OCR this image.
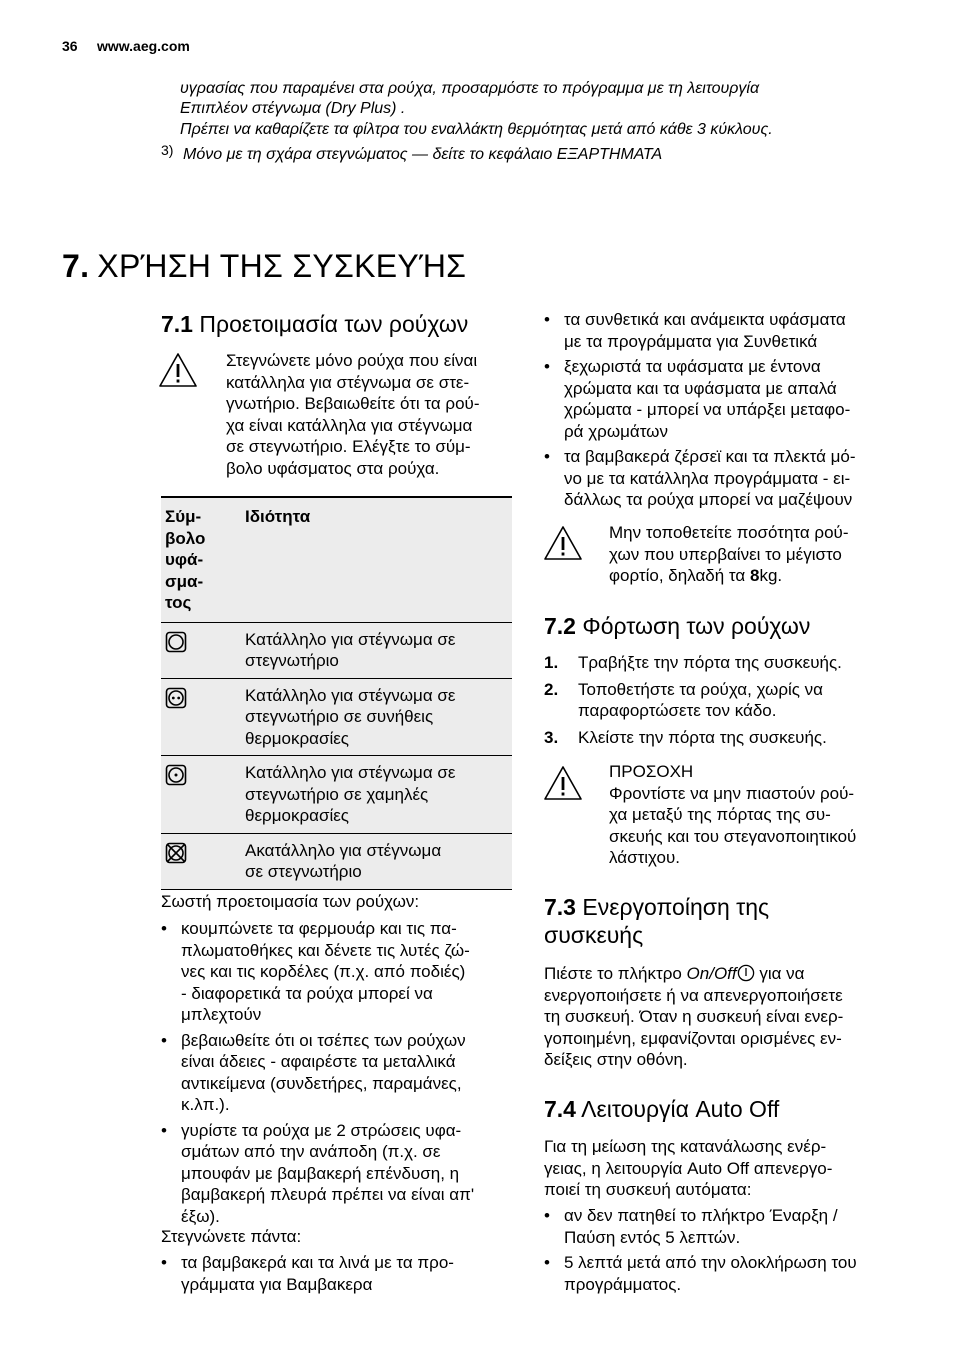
36 www.aeg.com
υγρασίας που παραμένει στα ρούχα, προσαρμόστε το πρόγραμμα με τη λειτουργία
Επιπλέον στέγνωμα (Dry Plus) .
Πρέπει να καθαρίζετε τα φίλτρα του εναλλάκτη θερμότητας μετά από κάθε 3 κύκλους.
3) Μόνο με τη σχάρα στεγνώματος — δείτε το κεφάλαιο ΕΞΑΡΤΗΜΑΤΑ
7. ΧΡΉΣΗ ΤΗΣ ΣΥΣΚΕΥΉΣ
7.1 Προετοιμασία των ρούχων
Στεγνώνετε μόνο ρούχα που είναι
κατάλληλα για στέγνωμα σε στε-
γνωτήριο. Βεβαιωθείτε ότι τα ρού-
χα είναι κατάλληλα για στέγνωμα
σε στεγνωτήριο. Ελέγξτε το σύμ-
βολο υφάσματος στα ρούχα.
Σύμ-
βολο
υφά-
σμα-
τος	Ιδιότητα

Κατάλληλο για στέγνωμα σε
στεγνωτήριο

Κατάλληλο για στέγνωμα σε
στεγνωτήριο σε συνήθεις
θερμοκρασίες

Κατάλληλο για στέγνωμα σε
στεγνωτήριο σε χαμηλές
θερμοκρασίες

Ακατάλληλο για στέγνωμα
σε στεγνωτήριο
Σωστή προετοιμασία των ρούχων:
• κουμπώνετε τα φερμουάρ και τις πα-
πλωματοθήκες και δένετε τις λυτές ζώ-
νες και τις κορδέλες (π.χ. από ποδιές)
- διαφορετικά τα ρούχα μπορεί να
μπλεχτούν
• βεβαιωθείτε ότι οι τσέπες των ρούχων
είναι άδειες - αφαιρέστε τα μεταλλικά
αντικείμενα (συνδετήρες, παραμάνες,
κ.λπ.).
• γυρίστε τα ρούχα με 2 στρώσεις υφα-
σμάτων από την ανάποδη (π.χ. σε
μπουφάν με βαμβακερή επένδυση, η
βαμβακερή πλευρά πρέπει να είναι απ'
έξω).
Στεγνώνετε πάντα:
• τα βαμβακερά και τα λινά με τα προ-
γράμματα για Βαμβακερα
• τα συνθετικά και ανάμεικτα υφάσματα
με τα προγράμματα για Συνθετικά
• ξεχωριστά τα υφάσματα με έντονα
χρώματα και τα υφάσματα με απαλά
χρώματα - μπορεί να υπάρξει μεταφο-
ρά χρωμάτων
• τα βαμβακερά ζέρσεϊ και τα πλεκτά μό-
νο με τα κατάλληλα προγράμματα - ει-
δάλλως τα ρούχα μπορεί να μαζέψουν
Μην τοποθετείτε ποσότητα ρού-
χων που υπερβαίνει το μέγιστο
φορτίο, δηλαδή τα 8kg.
7.2 Φόρτωση των ρούχων
1. Τραβήξτε την πόρτα της συσκευής.
2. Τοποθετήστε τα ρούχα, χωρίς να
παραφορτώσετε τον κάδο.
3. Κλείστε την πόρτα της συσκευής.
ΠΡΟΣΟΧΗ
Φροντίστε να μην πιαστούν ρού-
χα μεταξύ της πόρτας της συ-
σκευής και του στεγανοποιητικού
λάστιχου.
7.3 Ενεργοποίηση της
συσκευής
Πιέστε το πλήκτρο On/Off για να
ενεργοποιήσετε ή να απενεργοποιήσετε
τη συσκευή. Όταν η συσκευή είναι ενερ-
γοποιημένη, εμφανίζονται ορισμένες εν-
δείξεις στην οθόνη.
7.4 Λειτουργία Auto Off
Για τη μείωση της κατανάλωσης ενέρ-
γειας, η λειτουργία Auto Off απενεργο-
ποιεί τη συσκευή αυτόματα:
• αν δεν πατηθεί το πλήκτρο Έναρξη /
Παύση εντός 5 λεπτών.
• 5 λεπτά μετά από την ολοκλήρωση του
προγράμματος.
